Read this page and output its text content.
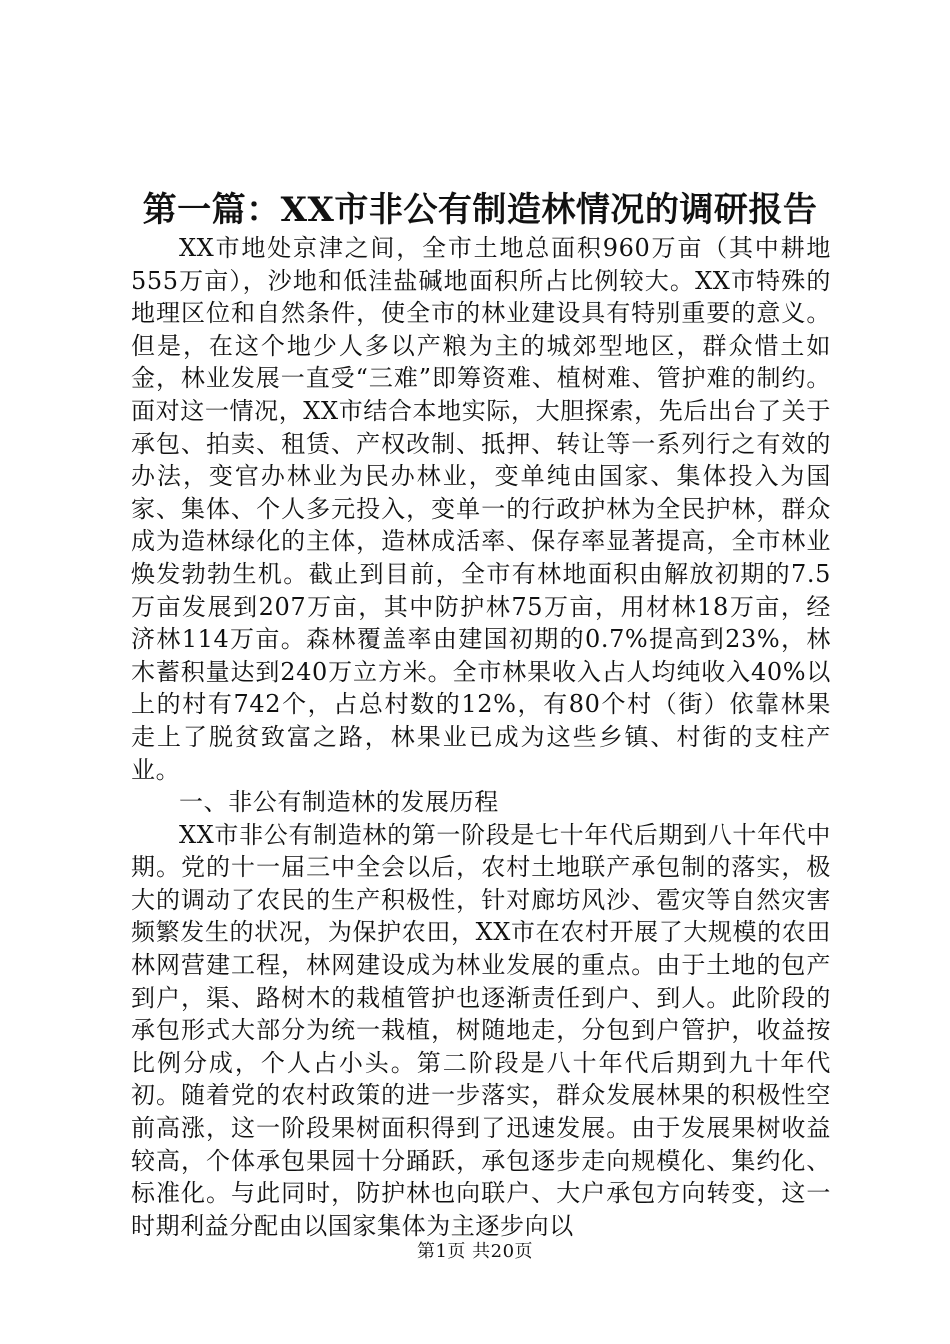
第一篇：XX市非公有制造林情况的调研报告

XX市地处京津之间，全市土地总面积960万亩（其中耕地555万亩），沙地和低洼盐碱地面积所占比例较大。XX市特殊的地理区位和自然条件，使全市的林业建设具有特别重要的意义。但是，在这个地少人多以产粮为主的城郊型地区，群众惜土如金，林业发展一直受“三难”即筹资难、植树难、管护难的制约。面对这一情况，XX市结合本地实际，大胆探索，先后出台了关于承包、拍卖、租赁、产权改制、抵押、转让等一系列行之有效的办法，变官办林业为民办林业，变单纯由国家、集体投入为国家、集体、个人多元投入，变单一的行政护林为全民护林，群众成为造林绿化的主体，造林成活率、保存率显著提高，全市林业焕发勃勃生机。截止到目前，全市有林地面积由解放初期的7.5万亩发展到207万亩，其中防护林75万亩，用材林18万亩，经济林114万亩。森林覆盖率由建国初期的0.7%提高到23%，林木蓄积量达到240万立方米。全市林果收入占人均纯收入40%以上的村有742个，占总村数的12%，有80个村（街）依靠林果走上了脱贫致富之路，林果业已成为这些乡镇、村街的支柱产业。

一、非公有制造林的发展历程

XX市非公有制造林的第一阶段是七十年代后期到八十年代中期。党的十一届三中全会以后，农村土地联产承包制的落实，极大的调动了农民的生产积极性，针对廊坊风沙、雹灾等自然灾害频繁发生的状况，为保护农田，XX市在农村开展了大规模的农田林网营建工程，林网建设成为林业发展的重点。由于土地的包产到户，渠、路树木的栽植管护也逐渐责任到户、到人。此阶段的承包形式大部分为统一栽植，树随地走，分包到户管护，收益按比例分成，个人占小头。第二阶段是八十年代后期到九十年代初。随着党的农村政策的进一步落实，群众发展林果的积极性空前高涨，这一阶段果树面积得到了迅速发展。由于发展果树收益较高，个体承包果园十分踊跃，承包逐步走向规模化、集约化、标准化。与此同时，防护林也向联户、大户承包方向转变，这一时期利益分配由以国家集体为主逐步向以

第1页 共20页
